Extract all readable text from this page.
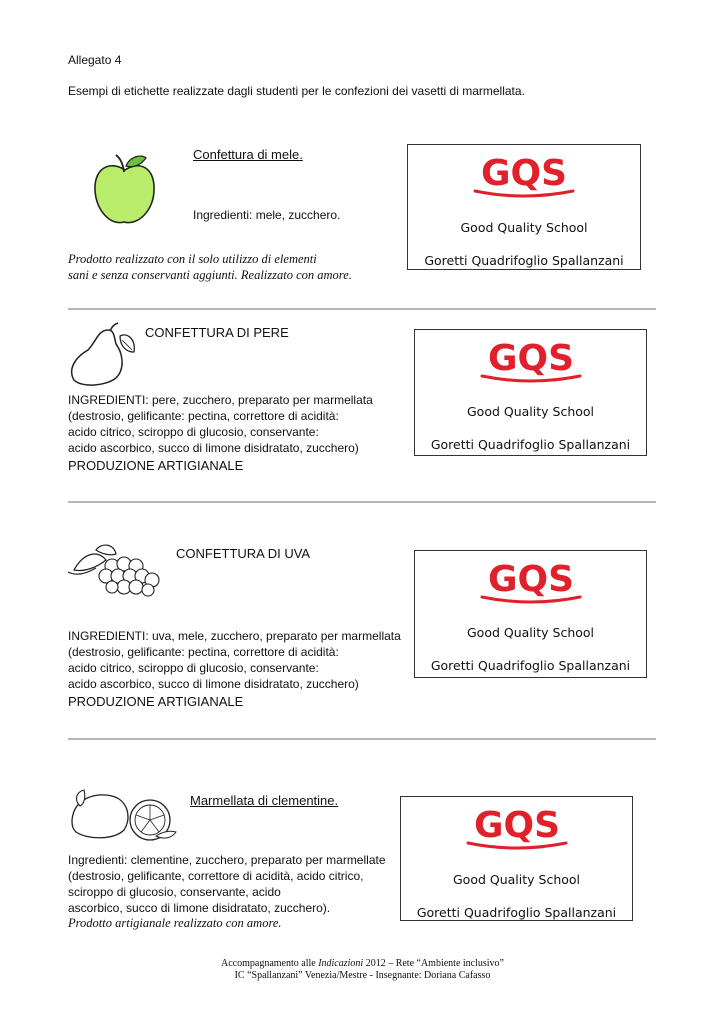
Allegato 4
Esempi di etichette realizzate dagli studenti per le confezioni dei vasetti di marmellata.
Confettura di mele.
Ingredienti: mele, zucchero.
Prodotto realizzato con il solo utilizzo di elementi
sani e senza conservanti aggiunti. Realizzato con amore.
GQS
Good Quality School
Goretti Quadrifoglio Spallanzani
CONFETTURA DI PERE
INGREDIENTI: pere, zucchero, preparato per marmellata
(destrosio, gelificante: pectina, correttore di acidità:
acido citrico, sciroppo di glucosio, conservante:
acido ascorbico, succo di limone disidratato, zucchero)
PRODUZIONE ARTIGIANALE
GQS
Good Quality School
Goretti Quadrifoglio Spallanzani
CONFETTURA DI UVA
INGREDIENTI: uva, mele, zucchero, preparato per marmellata
(destrosio, gelificante: pectina, correttore di acidità:
acido citrico, sciroppo di glucosio, conservante:
acido ascorbico, succo di limone disidratato, zucchero)
PRODUZIONE ARTIGIANALE
GQS
Good Quality School
Goretti Quadrifoglio Spallanzani
Marmellata di clementine.
Ingredienti: clementine, zucchero, preparato per marmellate
(destrosio, gelificante, correttore di acidità, acido citrico,
sciroppo di glucosio, conservante, acido
ascorbico, succo di limone disidratato, zucchero).
Prodotto artigianale realizzato con amore.
GQS
Good Quality School
Goretti Quadrifoglio Spallanzani
Accompagnamento alle Indicazioni 2012 – Rete “Ambiente inclusivo”
IC “Spallanzani” Venezia/Mestre - Insegnante: Doriana Cafasso
